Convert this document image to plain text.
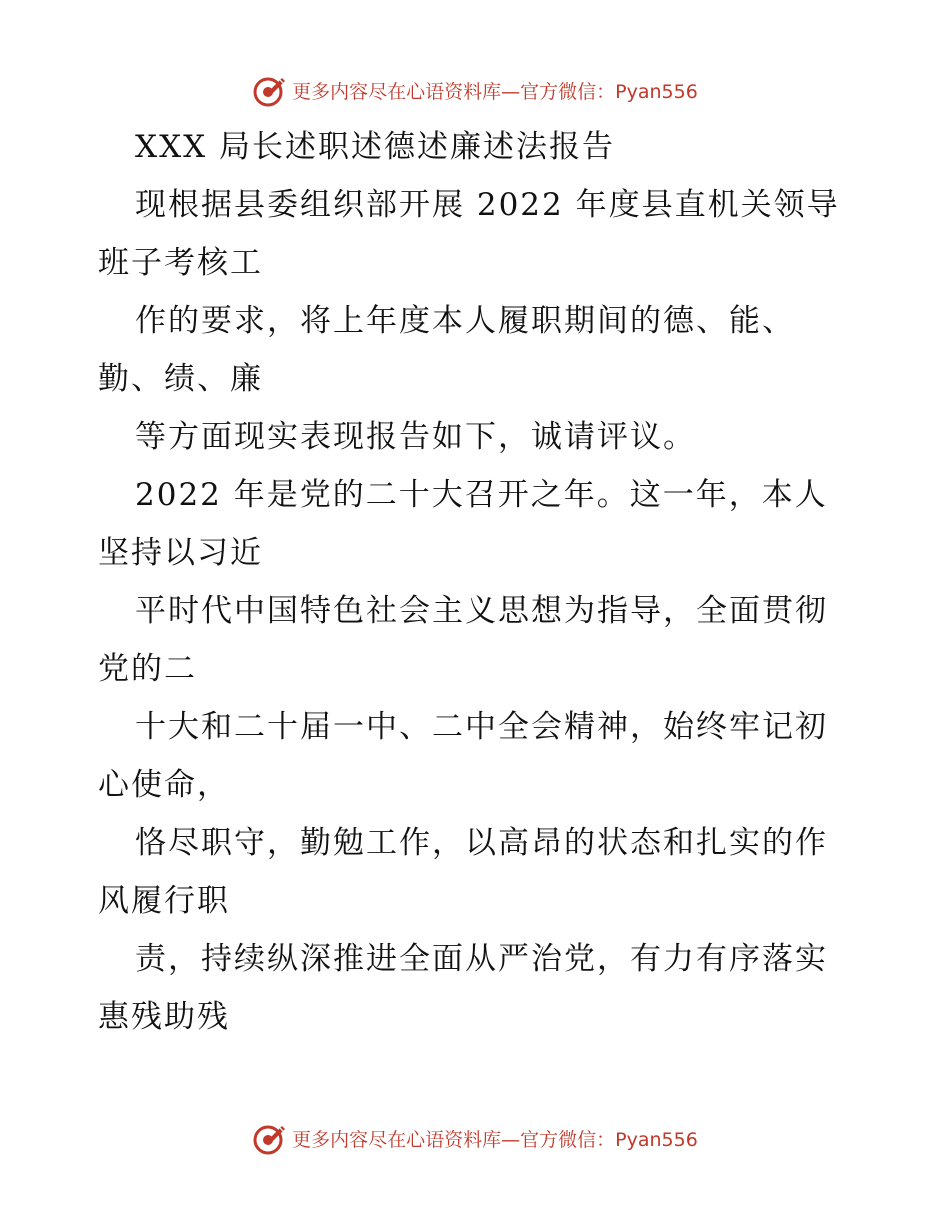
更多内容尽在心语资料库—官方微信：Pyan556
XXX 局长述职述德述廉述法报告
现根据县委组织部开展 2022 年度县直机关领导
班子考核工
作的要求，将上年度本人履职期间的德、能、
勤、绩、廉
等方面现实表现报告如下，诚请评议。
2022 年是党的二十大召开之年。这一年，本人
坚持以习近
平时代中国特色社会主义思想为指导，全面贯彻
党的二
十大和二十届一中、二中全会精神，始终牢记初
心使命，
恪尽职守，勤勉工作，以高昂的状态和扎实的作
风履行职
责，持续纵深推进全面从严治党，有力有序落实
惠残助残
更多内容尽在心语资料库—官方微信：Pyan556
